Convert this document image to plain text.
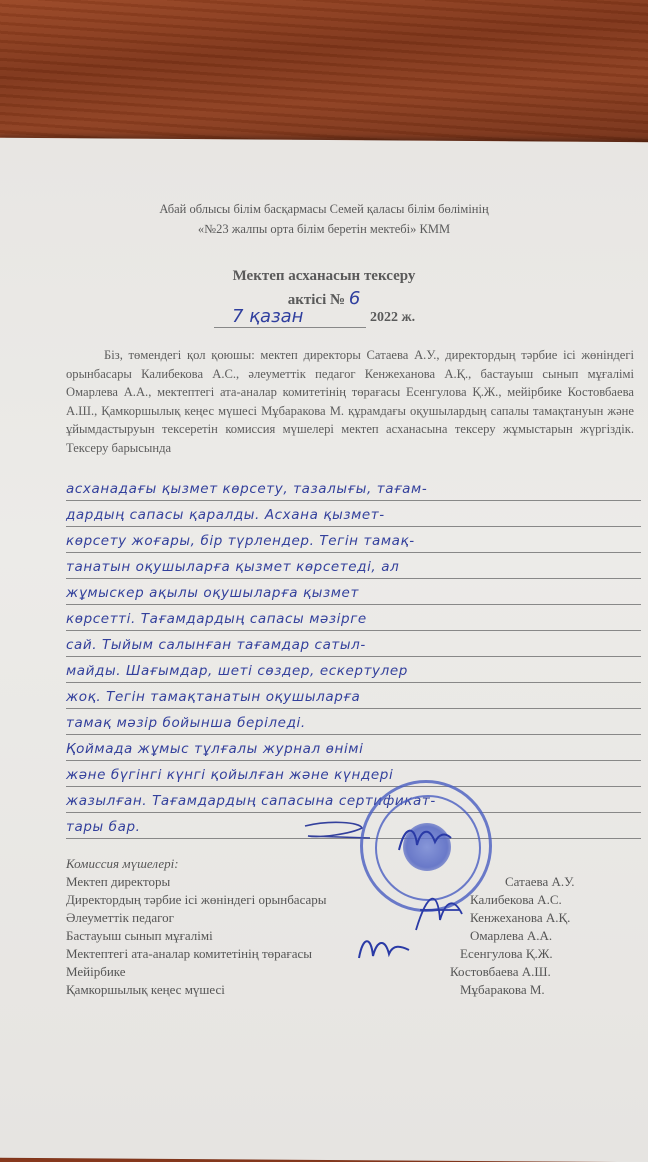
Абай облысы білім басқармасы Семей қаласы білім бөлімінің
«№23 жалпы орта білім беретін мектебі» КММ
Мектеп асханасын тексеру
актісі № 6
7 қазан	2022 ж.
Біз, төмендегі қол қоюшы: мектеп директоры Сатаева А.У., директордың тәрбие ісі жөніндегі орынбасары Калибекова А.С., әлеуметтік педагог Кенжеханова А.Қ., бастауыш сынып мұғалімі Омарлева А.А., мектептегі ата-аналар комитетінің төрағасы Есенгулова Қ.Ж., мейірбике Костовбаева А.Ш., Қамкоршылық кеңес мүшесі Мұбаракова М. құрамдағы оқушылардың сапалы тамақтануын және ұйымдастыруын тексеретін комиссия мүшелері мектеп асханасына тексеру жұмыстарын жүргіздік. Тексеру барысында
асханадағы қызмет көрсету, тазалығы, тағам-
дардың сапасы қаралды. Асхана қызмет-
көрсету жоғары, бір түрлендер. Тегін тамақ-
танатын оқушыларға қызмет көрсетеді, ал
жұмыскер ақылы оқушыларға қызмет
көрсетті. Тағамдардың сапасы мәзірге
сай. Тыйым салынған тағамдар сатыл-
майды. Шағымдар, шеті сөздер, ескертулер
жоқ. Тегін тамақтанатын оқушыларға
тамақ мәзір бойынша беріледі.
Қоймада жұмыс тұлғалы журнал өнімі
және бүгінгі күнгі қойылған және күндері
жазылған. Тағамдардың сапасына сертификат-
тары бар.
Комиссия мүшелері:
Мектеп директоры	Сатаева А.У.
Директордың тәрбие ісі жөніндегі орынбасары	Калибекова А.С.
Әлеуметтік педагог	Кенжеханова А.Қ.
Бастауыш сынып мұғалімі	Омарлева А.А.
Мектептегі ата-аналар комитетінің төрағасы	Есенгулова Қ.Ж.
Мейірбике	Костовбаева А.Ш.
Қамкоршылық кеңес мүшесі	Мұбаракова М.
